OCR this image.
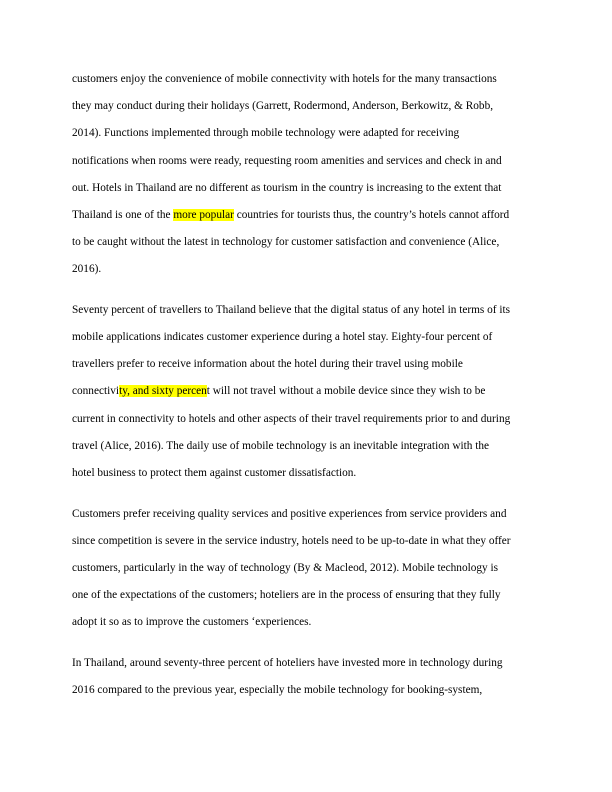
customers enjoy the convenience of mobile connectivity with hotels for the many transactions
they may conduct during their holidays (Garrett, Rodermond, Anderson, Berkowitz, & Robb,
2014). Functions implemented through mobile technology were adapted for receiving
notifications when rooms were ready, requesting room amenities and services and check in and
out. Hotels in Thailand are no different as tourism in the country is increasing to the extent that
Thailand is one of the more popular countries for tourists thus, the country’s hotels cannot afford
to be caught without the latest in technology for customer satisfaction and convenience (Alice,
2016).

Seventy percent of travellers to Thailand believe that the digital status of any hotel in terms of its
mobile applications indicates customer experience during a hotel stay. Eighty-four percent of
travellers prefer to receive information about the hotel during their travel using mobile
connectivity, and sixty percent will not travel without a mobile device since they wish to be
current in connectivity to hotels and other aspects of their travel requirements prior to and during
travel (Alice, 2016). The daily use of mobile technology is an inevitable integration with the
hotel business to protect them against customer dissatisfaction.

Customers prefer receiving quality services and positive experiences from service providers and
since competition is severe in the service industry, hotels need to be up-to-date in what they offer
customers, particularly in the way of technology (By & Macleod, 2012). Mobile technology is
one of the expectations of the customers; hoteliers are in the process of ensuring that they fully
adopt it so as to improve the customers ‘experiences.

In Thailand, around seventy-three percent of hoteliers have invested more in technology during
2016 compared to the previous year, especially the mobile technology for booking-system,
